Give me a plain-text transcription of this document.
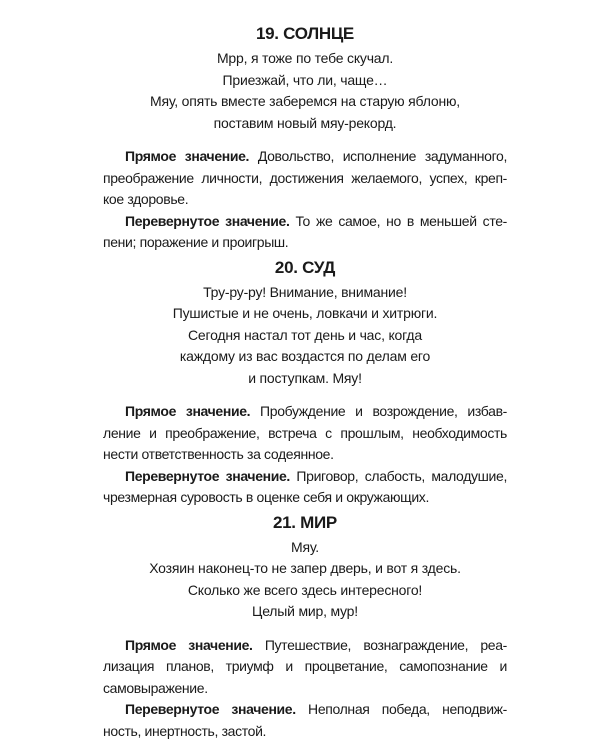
19. СОЛНЦЕ
Мрр, я тоже по тебе скучал.
Приезжай, что ли, чаще…
Мяу, опять вместе заберемся на старую яблоню,
поставим новый мяу-рекорд.
Прямое значение. Довольство, исполнение задуманного,
преображение личности, достижения желаемого, успех, креп-
кое здоровье.
Перевернутое значение. То же самое, но в меньшей сте-
пени; поражение и проигрыш.
20. СУД
Тру-ру-ру! Внимание, внимание!
Пушистые и не очень, ловкачи и хитрюги.
Сегодня настал тот день и час, когда
каждому из вас воздастся по делам его
и поступкам. Мяу!
Прямое значение. Пробуждение и возрождение, избав-
ление и преображение, встреча с прошлым, необходимость
нести ответственность за содеянное.
Перевернутое значение. Приговор, слабость, малодушие,
чрезмерная суровость в оценке себя и окружающих.
21. МИР
Мяу.
Хозяин наконец-то не запер дверь, и вот я здесь.
Сколько же всего здесь интересного!
Целый мир, мур!
Прямое значение. Путешествие, вознаграждение, реа-
лизация планов, триумф и процветание, самопознание и
самовыражение.
Перевернутое значение. Неполная победа, неподвиж-
ность, инертность, застой.
